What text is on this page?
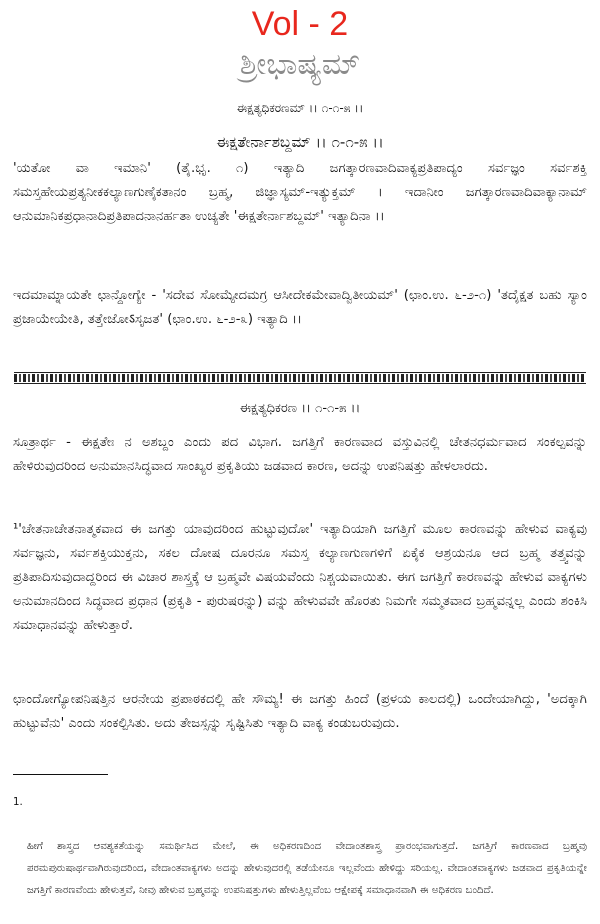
Vol - 2
ಶ್ರೀಭಾಷ್ಯಮ್
ಈಕ್ಷತ್ಯಧಿಕರಣಮ್ ।। ೧-೧-೫ ।।
ಈಕ್ಷತೇರ್ನಾಶಬ್ದಮ್ ।। ೧-೧-೫ ।।
'ಯತೋ ವಾ ಇಮಾನಿ' (ತೈ.ಭೃ. ೧) ಇತ್ಯಾದಿ ಜಗತ್ಕಾರಣವಾದಿವಾಕ್ಯಪ್ರತಿಪಾದ್ಯಂ ಸರ್ವಜ್ಞಂ ಸರ್ವಶಕ್ತಿ ಸಮಸ್ತಹೇಯಪ್ರತ್ಯನೀಕಕಲ್ಯಾಣಗುಣೈಕತಾನಂ ಬ್ರಹ್ಮ, ಜಿಜ್ಞಾಸ್ಯಮ್-ಇತ್ಯುಕ್ತಮ್ । ಇದಾನೀಂ ಜಗತ್ಕಾರಣವಾದಿವಾಕ್ಯಾನಾಮ್ ಆನುಮಾನಿಕಪ್ರಧಾನಾದಿಪ್ರತಿಪಾದನಾನರ್ಹತಾ ಉಚ್ಯತೇ 'ಈಕ್ಷತೇರ್ನಾಶಬ್ದಮ್' ಇತ್ಯಾದಿನಾ ।।
ಇದಮಾಮ್ನಾಯತೇ ಛಾನ್ದೋಗ್ಯೇ - 'ಸದೇವ ಸೋಮ್ಯೇದಮಗ್ರ ಆಸೀದೇಕಮೇವಾದ್ವಿತೀಯಮ್' (ಛಾಂ.ಉ. ೬-೨-೧) 'ತದೈಕ್ಷತ ಬಹು ಸ್ಯಾಂ ಪ್ರಜಾಯೇಯೇತಿ, ತತ್ತೇಜೋऽಸೃಜತ' (ಛಾಂ.ಉ. ೬-೨-೩) ಇತ್ಯಾದಿ ।।
ಈಕ್ಷತ್ಯಧಿಕರಣ ।। ೧-೧-೫ ।।
ಸೂತ್ರಾರ್ಥ - ಈಕ್ಷತೇಃ ನ ಅಶಬ್ದಂ ಎಂದು ಪದ ವಿಭಾಗ. ಜಗತ್ತಿಗೆ ಕಾರಣವಾದ ವಸ್ತುವಿನಲ್ಲಿ ಚೇತನಧರ್ಮವಾದ ಸಂಕಲ್ಪವನ್ನು ಹೇಳಿರುವುದರಿಂದ ಅನುಮಾನಸಿದ್ಧವಾದ ಸಾಂಖ್ಯರ ಪ್ರಕೃತಿಯು ಜಡವಾದ ಕಾರಣ, ಅದನ್ನು ಉಪನಿಷತ್ತು ಹೇಳಲಾರದು.
¹'ಚೇತನಾಚೇತನಾತ್ಮಕವಾದ ಈ ಜಗತ್ತು ಯಾವುದರಿಂದ ಹುಟ್ಟುವುದೋ' ಇತ್ಯಾದಿಯಾಗಿ ಜಗತ್ತಿಗೆ ಮೂಲ ಕಾರಣವನ್ನು ಹೇಳುವ ವಾಕ್ಯವು ಸರ್ವಜ್ಞನು, ಸರ್ವಶಕ್ತಿಯುಕ್ತನು, ಸಕಲ ದೋಷ ದೂರನೂ ಸಮಸ್ತ ಕಲ್ಯಾಣಗುಣಗಳಿಗೆ ಏಕೈಕ ಆಶ್ರಯನೂ ಆದ ಬ್ರಹ್ಮ ತತ್ತ್ವವನ್ನು ಪ್ರತಿಪಾದಿಸುವುದಾದ್ದರಿಂದ ಈ ವಿಚಾರ ಶಾಸ್ತ್ರಕ್ಕೆ ಆ ಬ್ರಹ್ಮವೇ ವಿಷಯವೆಂದು ನಿಶ್ಚಯವಾಯಿತು. ಈಗ ಜಗತ್ತಿಗೆ ಕಾರಣವನ್ನು ಹೇಳುವ ವಾಕ್ಯಗಳು ಅನುಮಾನದಿಂದ ಸಿದ್ಧವಾದ ಪ್ರಧಾನ (ಪ್ರಕೃತಿ - ಪುರುಷರನ್ನು) ವನ್ನು ಹೇಳುವವೇ ಹೊರತು ನಿಮಗೇ ಸಮ್ಮತವಾದ ಬ್ರಹ್ಮವನ್ನಲ್ಲ ಎಂದು ಶಂಕಿಸಿ ಸಮಾಧಾನವನ್ನು ಹೇಳುತ್ತಾರೆ.
ಛಾಂದೋಗ್ಯೋಪನಿಷತ್ತಿನ ಆರನೇಯ ಪ್ರಪಾಠಕದಲ್ಲಿ ಹೇ ಸೌಮ್ಯ! ಈ ಜಗತ್ತು ಹಿಂದೆ (ಪ್ರಳಯ ಕಾಲದಲ್ಲಿ) ಒಂದೇಯಾಗಿದ್ದು, 'ಅದಕ್ಕಾಗಿ ಹುಟ್ಟುವೆನು' ಎಂದು ಸಂಕಲ್ಪಿಸಿತು. ಅದು ತೇಜಸ್ಸನ್ನು ಸೃಷ್ಟಿಸಿತು ಇತ್ಯಾದಿ ವಾಕ್ಯ ಕಂಡುಬರುವುದು.

1.

ಹೀಗೆ ಶಾಸ್ತ್ರದ ಆವಶ್ಯಕತೆಯನ್ನು ಸಮರ್ಥಿಸಿದ ಮೇಲೆ, ಈ ಅಧಿಕರಣದಿಂದ ವೇದಾಂತಶಾಸ್ತ್ರ ಪ್ರಾರಂಭವಾಗುತ್ತದೆ. ಜಗತ್ತಿಗೆ ಕಾರಣವಾದ ಬ್ರಹ್ಮವು ಪರಮಪುರುಷಾರ್ಥವಾಗಿರುವುದರಿಂದ, ವೇದಾಂತವಾಕ್ಯಗಳು ಅದನ್ನು ಹೇಳುವುದರಲ್ಲಿ ತಡೆಯೇನೂ ಇಲ್ಲವೆಂದು ಹೇಳಿದ್ದು ಸರಿಯಲ್ಲ. ವೇದಾಂತವಾಕ್ಯಗಳು ಜಡವಾದ ಪ್ರಕೃತಿಯನ್ನೇ ಜಗತ್ತಿಗೆ ಕಾರಣವೆಂದು ಹೇಳುತ್ತವೆ, ನೀವು ಹೇಳುವ ಬ್ರಹ್ಮವನ್ನು ಉಪನಿಷತ್ತುಗಳು ಹೇಳುತ್ತಿಲ್ಲವೆಂಬ ಆಕ್ಷೇಪಕ್ಕೆ ಸಮಾಧಾನವಾಗಿ ಈ ಅಧಿಕರಣ ಬಂದಿದೆ.
